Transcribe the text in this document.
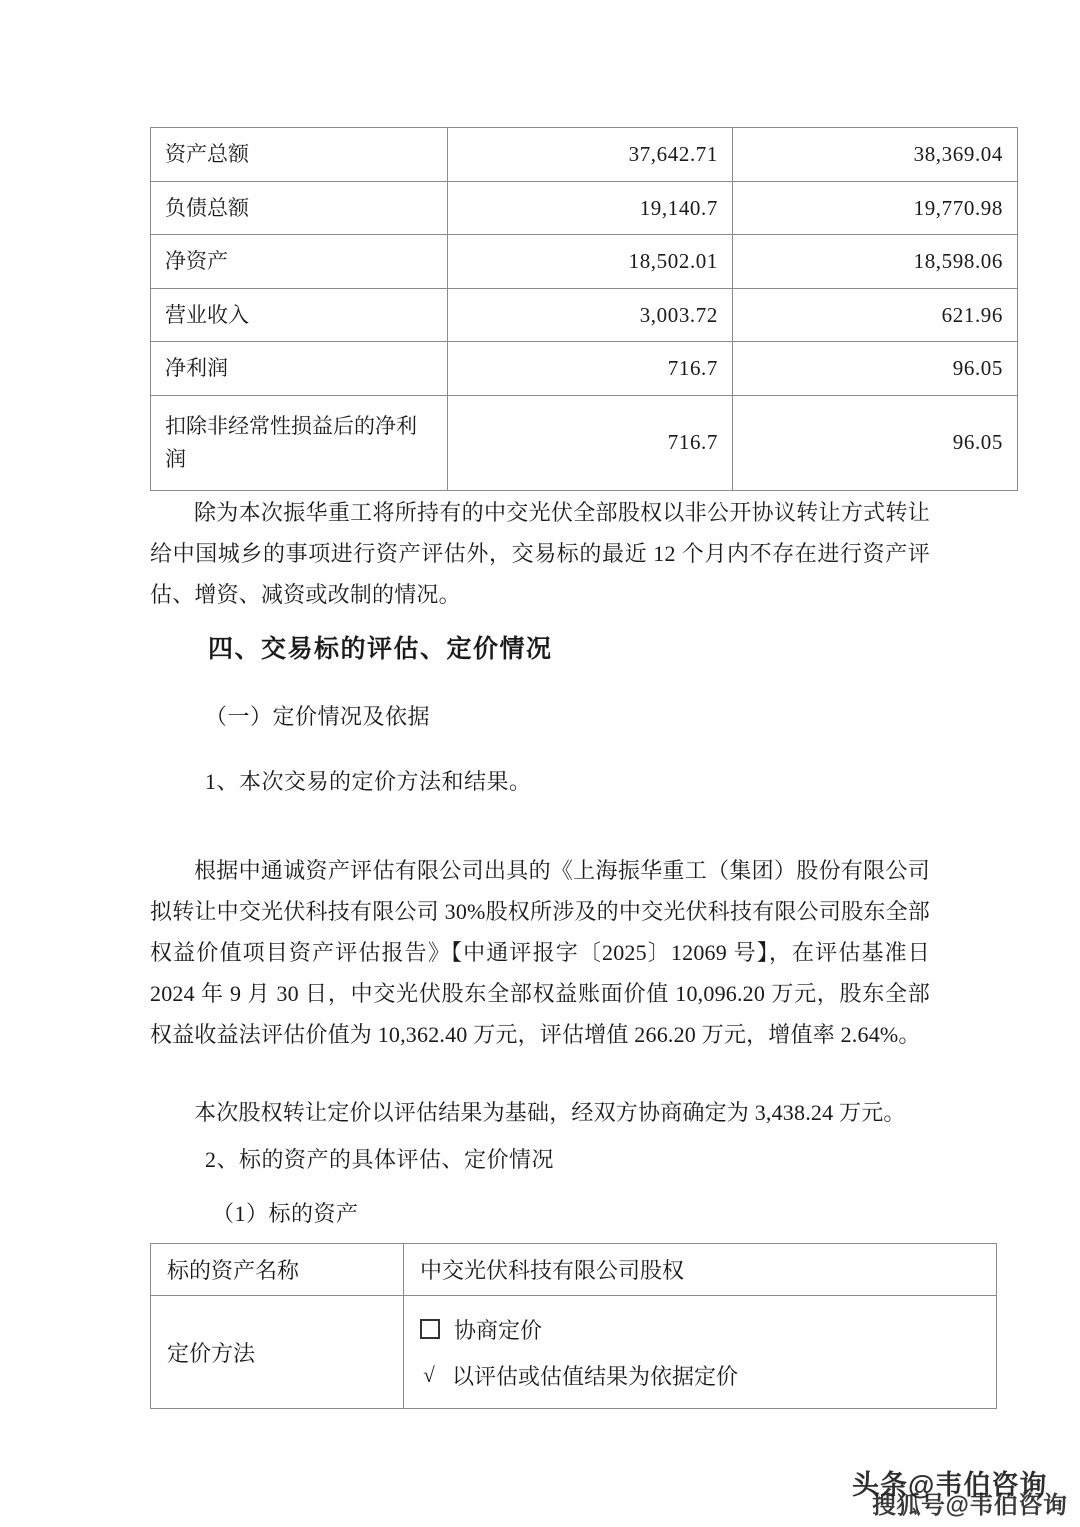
资产总额	37,642.71	38,369.04
负债总额	19,140.7	19,770.98
净资产	18,502.01	18,598.06
营业收入	3,003.72	621.96
净利润	716.7	96.05
扣除非经常性损益后的净利润	716.7	96.05

除为本次振华重工将所持有的中交光伏全部股权以非公开协议转让方式转让给中国城乡的事项进行资产评估外，交易标的最近 12 个月内不存在进行资产评估、增资、减资或改制的情况。

四、交易标的评估、定价情况
（一）定价情况及依据
1、本次交易的定价方法和结果。

根据中通诚资产评估有限公司出具的《上海振华重工（集团）股份有限公司拟转让中交光伏科技有限公司 30%股权所涉及的中交光伏科技有限公司股东全部权益价值项目资产评估报告》【中通评报字〔2025〕12069 号】，在评估基准日 2024 年 9 月 30 日，中交光伏股东全部权益账面价值 10,096.20 万元，股东全部权益收益法评估价值为 10,362.40 万元，评估增值 266.20 万元，增值率 2.64%。

本次股权转让定价以评估结果为基础，经双方协商确定为 3,438.24 万元。

2、标的资产的具体评估、定价情况
（1）标的资产
标的资产名称	中交光伏科技有限公司股权
定价方法	协商定价
√ 以评估或估值结果为依据定价
头条@韦伯咨询
搜狐号@韦伯咨询
